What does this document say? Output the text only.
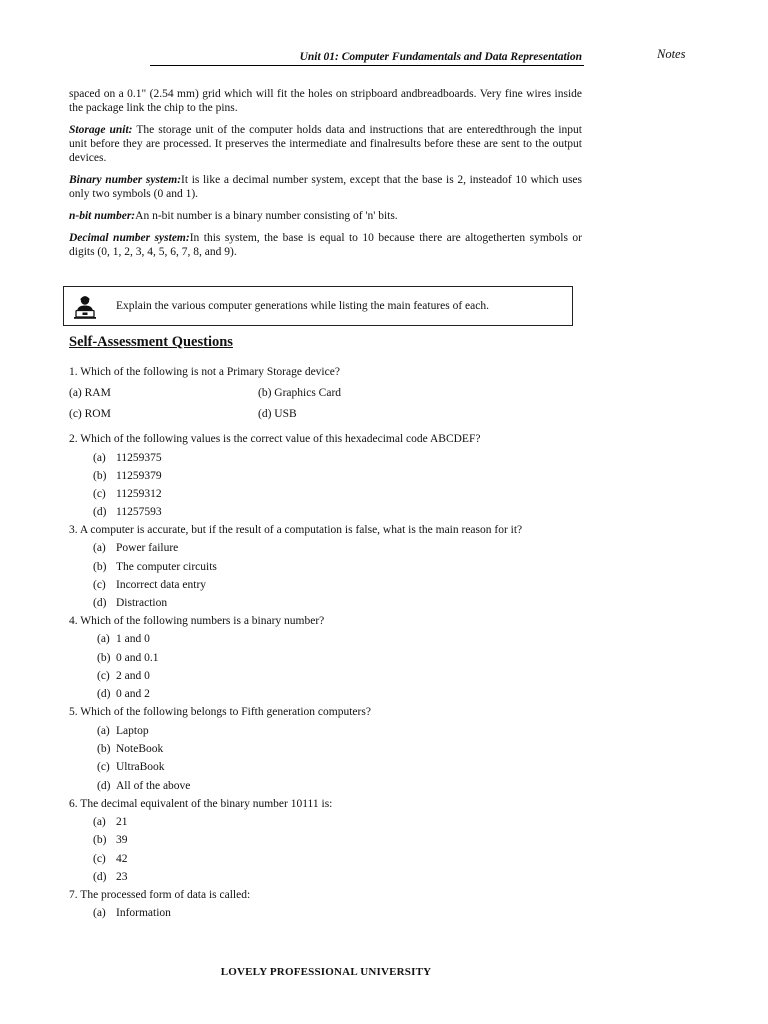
Unit 01: Computer Fundamentals and Data Representation	Notes

spaced on a 0.1" (2.54 mm) grid which will fit the holes on stripboard andbreadboards. Very fine wires inside the package link the chip to the pins.

Storage unit: The storage unit of the computer holds data and instructions that are enteredthrough the input unit before they are processed. It preserves the intermediate and finalresults before these are sent to the output devices.

Binary number system:It is like a decimal number system, except that the base is 2, insteadof 10 which uses only two symbols (0 and 1).

n-bit number:An n-bit number is a binary number consisting of 'n' bits.

Decimal number system:In this system, the base is equal to 10 because there are altogetherten symbols or digits (0, 1, 2, 3, 4, 5, 6, 7, 8, and 9).

Explain the various computer generations while listing the main features of each.
Self-Assessment Questions
1. Which of the following is not a Primary Storage device?
(a) RAM	(b) Graphics Card
(c) ROM	(d) USB
2. Which of the following values is the correct value of this hexadecimal code ABCDEF?
(a) 11259375
(b) 11259379
(c) 11259312
(d) 11257593
3. A computer is accurate, but if the result of a computation is false, what is the main reason for it?
(a) Power failure
(b) The computer circuits
(c) Incorrect data entry
(d) Distraction
4. Which of the following numbers is a binary number?
(a) 1 and 0
(b) 0 and 0.1
(c) 2 and 0
(d) 0 and 2
5. Which of the following belongs to Fifth generation computers?
(a) Laptop
(b) NoteBook
(c) UltraBook
(d) All of the above
6. The decimal equivalent of the binary number 10111 is:
(a) 21
(b) 39
(c) 42
(d) 23
7. The processed form of data is called:
(a) Information
LOVELY PROFESSIONAL UNIVERSITY
